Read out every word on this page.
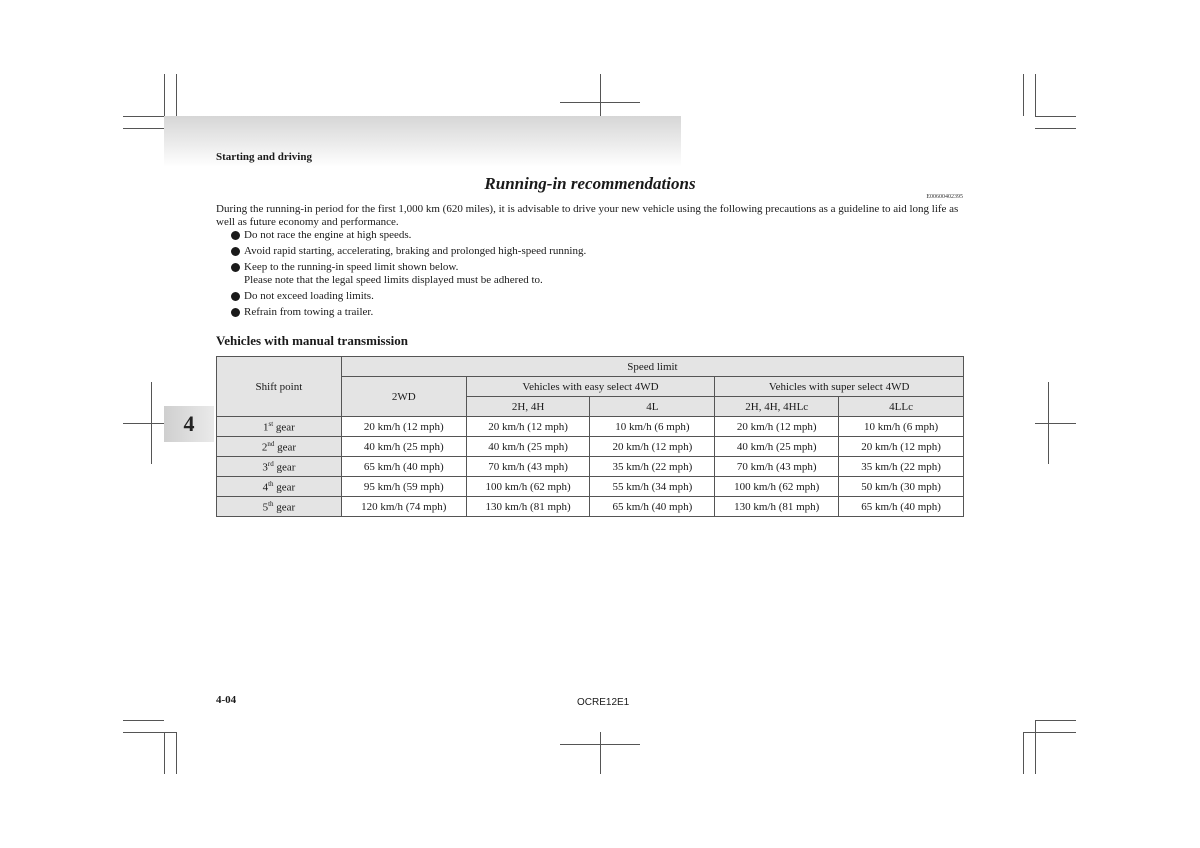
Starting and driving
4
Running-in recommendations
E00600402395
During the running-in period for the first 1,000 km (620 miles), it is advisable to drive your new vehicle using the following precautions as a guideline to aid long life as well as future economy and performance.
Do not race the engine at high speeds.
Avoid rapid starting, accelerating, braking and prolonged high-speed running.
Keep to the running-in speed limit shown below.
Please note that the legal speed limits displayed must be adhered to.
Do not exceed loading limits.
Refrain from towing a trailer.
Vehicles with manual transmission
Shift point	Speed limit				
	2WD	Vehicles with easy select 4WD		Vehicles with super select 4WD	
		2H, 4H	4L	2H, 4H, 4HLc	4LLc
1st gear	20 km/h (12 mph)	20 km/h (12 mph)	10 km/h (6 mph)	20 km/h (12 mph)	10 km/h (6 mph)
2nd gear	40 km/h (25 mph)	40 km/h (25 mph)	20 km/h (12 mph)	40 km/h (25 mph)	20 km/h (12 mph)
3rd gear	65 km/h (40 mph)	70 km/h (43 mph)	35 km/h (22 mph)	70 km/h (43 mph)	35 km/h (22 mph)
4th gear	95 km/h (59 mph)	100 km/h (62 mph)	55 km/h (34 mph)	100 km/h (62 mph)	50 km/h (30 mph)
5th gear	120 km/h (74 mph)	130 km/h (81 mph)	65 km/h (40 mph)	130 km/h (81 mph)	65 km/h (40 mph)
4-04	OCRE12E1
